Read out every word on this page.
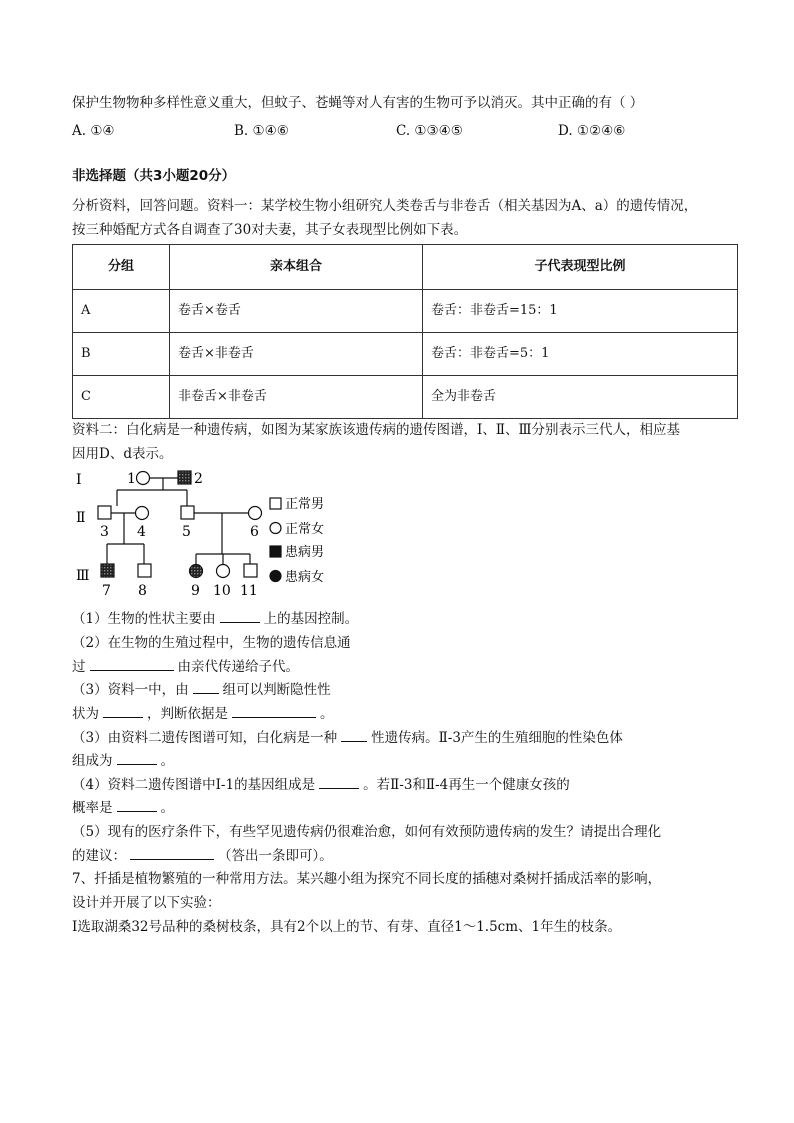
保护生物物种多样性意义重大，但蚊子、苍蝇等对人有害的生物可予以消灭。其中正确的有（ ）
A. ①④	B. ①④⑥	C. ①③④⑤	D. ①②④⑥
非选择题（共3小题20分）
分析资料，回答问题。资料一：某学校生物小组研究人类卷舌与非卷舌（相关基因为A、a）的遗传情况，
按三种婚配方式各自调查了30对夫妻，其子女表现型比例如下表。
分组	亲本组合	子代表现型比例
A	卷舌×卷舌	卷舌：非卷舌=15：1
B	卷舌×非卷舌	卷舌：非卷舌=5：1
C	非卷舌×非卷舌	全为非卷舌
资料二：白化病是一种遗传病，如图为某家族该遗传病的遗传图谱，Ⅰ、Ⅱ、Ⅲ分别表示三代人，相应基
因用D、d表示。
Ⅰ
Ⅱ
Ⅲ
1	2
3 4	5	6
7 8	9 10 11
正常男
正常女
患病男
患病女
（1）生物的性状主要由	上的基因控制。
（2）在生物的生殖过程中，生物的遗传信息通
过	由亲代传递给子代。
（3）资料一中，由	组可以判断隐性性
状为	，判断依据是	。
（3）由资料二遗传图谱可知，白化病是一种	性遗传病。Ⅱ-3产生的生殖细胞的性染色体
组成为	。
（4）资料二遗传图谱中Ⅰ-1的基因组成是	。若Ⅱ-3和Ⅱ-4再生一个健康女孩的
概率是	。
（5）现有的医疗条件下，有些罕见遗传病仍很难治愈，如何有效预防遗传病的发生？请提出合理化
的建议：	（答出一条即可）。
7、扦插是植物繁殖的一种常用方法。某兴趣小组为探究不同长度的插穗对桑树扦插成活率的影响，
设计并开展了以下实验：
Ⅰ选取湖桑32号品种的桑树枝条，具有2个以上的节、有芽、直径1～1.5cm、1年生的枝条。
